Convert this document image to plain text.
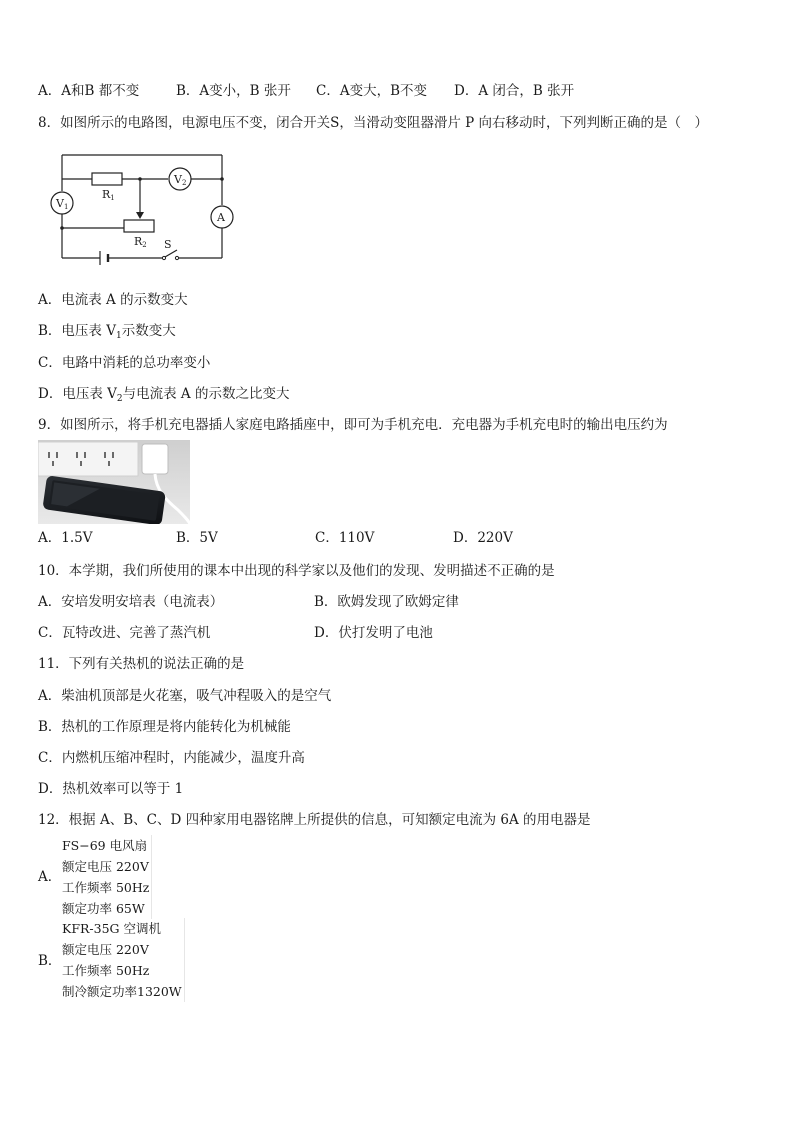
A．A和B 都不变	B．A变小，B 张开 C．A变大，B不变 D．A 闭合，B 张开
8．如图所示的电路图，电源电压不变，闭合开关S，当滑动变阻器滑片 P 向右移动时，下列判断正确的是（　）
V1
V2
A
R1
R2 S
A．电流表 A 的示数变大
B．电压表 $V_1$示数变大
C．电路中消耗的总功率变小
D．电压表 $V_2$与电流表 A 的示数之比变大
9．如图所示，将手机充电器插人家庭电路插座中，即可为手机充电．充电器为手机充电时的输出电压约为
A．1.5V	B．5V	C．110V	D．220V
10．本学期，我们所使用的课本中出现的科学家以及他们的发现、发明描述不正确的是
A．安培发明安培表（电流表）	B．欧姆发现了欧姆定律
C．瓦特改进、完善了蒸汽机	D．伏打发明了电池
11．下列有关热机的说法正确的是
A．柴油机顶部是火花塞，吸气冲程吸入的是空气
B．热机的工作原理是将内能转化为机械能
C．内燃机压缩冲程时，内能减少，温度升高
D．热机效率可以等于 1
12．根据 A、B、C、D 四种家用电器铭牌上所提供的信息，可知额定电流为 6A 的用电器是
A．
FS−69 电风扇
额定电压 220V
工作频率 50Hz
额定功率 65W
B．
KFR-35G 空调机
额定电压 220V
工作频率 50Hz
制冷额定功率1320W
